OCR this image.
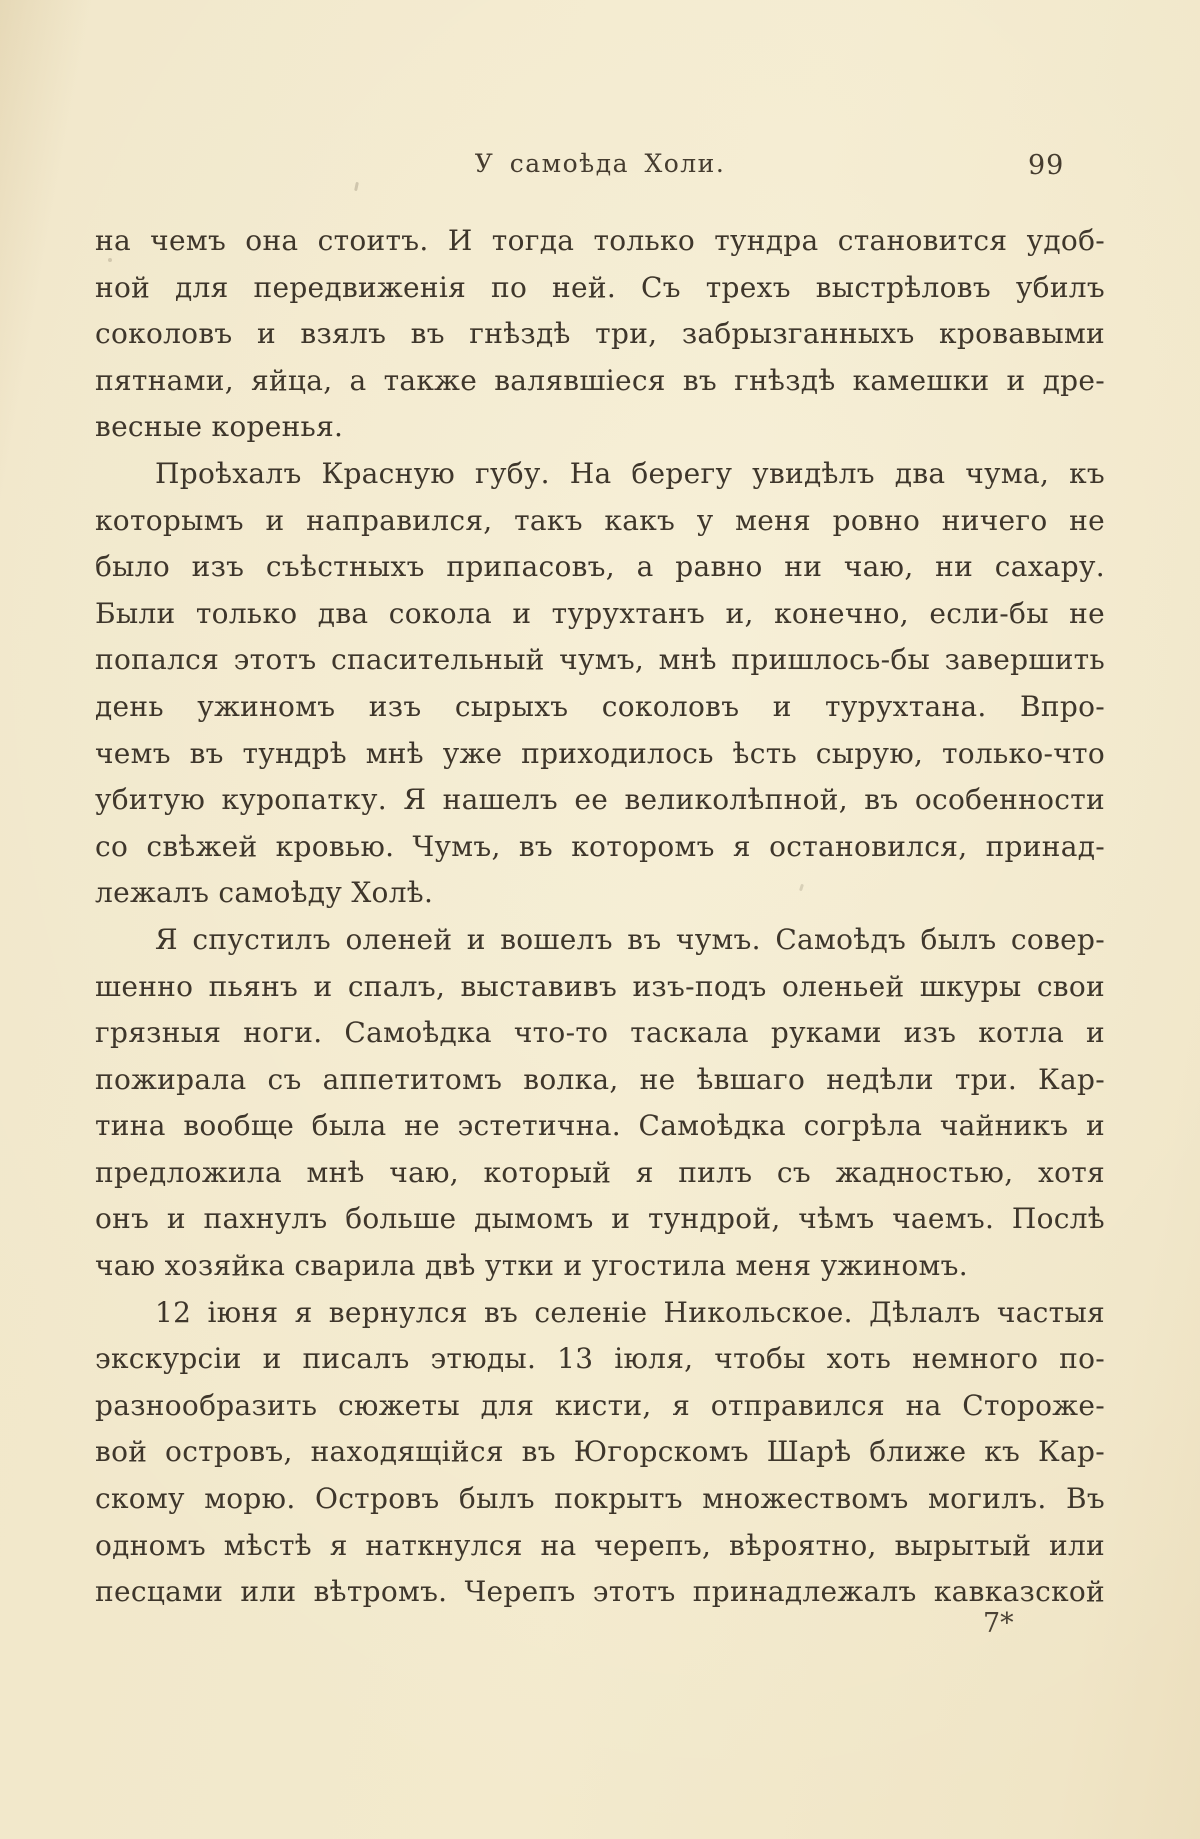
У самоѣда Холи.	99
на чемъ она стоитъ. И тогда только тундра становится удоб-
ной для передвиженія по ней. Съ трехъ выстрѣловъ убилъ
соколовъ и взялъ въ гнѣздѣ три, забрызганныхъ кровавыми
пятнами, яйца, а также валявшіеся въ гнѣздѣ камешки и дре-
весные коренья.
Проѣхалъ Красную губу. На берегу увидѣлъ два чума, къ
которымъ и направился, такъ какъ у меня ровно ничего не
было изъ съѣстныхъ припасовъ, а равно ни чаю, ни сахару.
Были только два сокола и турухтанъ и, конечно, если-бы не
попался этотъ спасительный чумъ, мнѣ пришлось-бы завершить
день ужиномъ изъ сырыхъ соколовъ и турухтана. Впро-
чемъ въ тундрѣ мнѣ уже приходилось ѣсть сырую, только-что
убитую куропатку. Я нашелъ ее великолѣпной, въ особенности
со свѣжей кровью. Чумъ, въ которомъ я остановился, принад-
лежалъ самоѣду Холѣ.
Я спустилъ оленей и вошелъ въ чумъ. Самоѣдъ былъ совер-
шенно пьянъ и спалъ, выставивъ изъ-подъ оленьей шкуры свои
грязныя ноги. Самоѣдка что-то таскала руками изъ котла и
пожирала съ аппетитомъ волка, не ѣвшаго недѣли три. Кар-
тина вообще была не эстетична. Самоѣдка согрѣла чайникъ и
предложила мнѣ чаю, который я пилъ съ жадностью, хотя
онъ и пахнулъ больше дымомъ и тундрой, чѣмъ чаемъ. Послѣ
чаю хозяйка сварила двѣ утки и угостила меня ужиномъ.
12 іюня я вернулся въ селеніе Никольское. Дѣлалъ частыя
экскурсіи и писалъ этюды. 13 іюля, чтобы хоть немного по-
разнообразить сюжеты для кисти, я отправился на Стороже-
вой островъ, находящійся въ Югорскомъ Шарѣ ближе къ Кар-
скому морю. Островъ былъ покрытъ множествомъ могилъ. Въ
одномъ мѣстѣ я наткнулся на черепъ, вѣроятно, вырытый или
песцами или вѣтромъ. Черепъ этотъ принадлежалъ кавказской
7*
